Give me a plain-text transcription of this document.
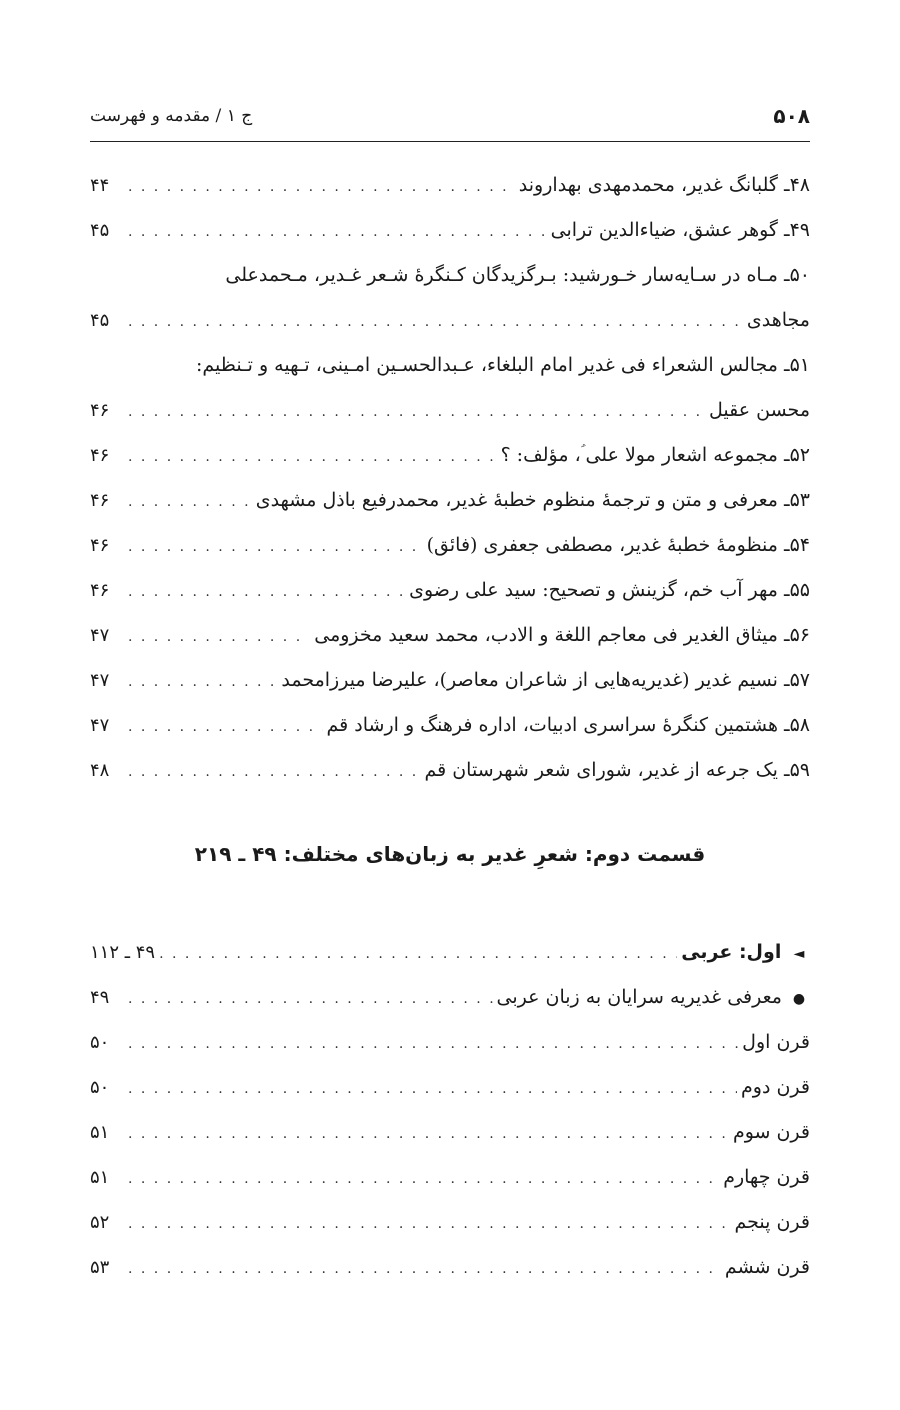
۵۰۸
ج ۱ / مقدمه و فهرست
۴۸ـ گلبانگ غدیر، محمدمهدی بهداروند
. . .
۴۴
۴۹ـ گوهر عشق، ضیاءالدین ترابی
. . .
۴۵
۵۰ـ مـاه در سـایه‌سار خـورشید: بـرگزیدگان کـنگرهٔ شـعر غـدیر، مـحمدعلی
مجاهدی
. . .
۴۵
۵۱ـ مجالس الشعراء فی غدیر امام البلغاء، عـبدالحسـین امـینی، تـهیه و تـنظیم:
محسن عقیل
. . .
۴۶
۵۲ـ مجموعه اشعار مولا علی ؑ، مؤلف: ؟
. . .
۴۶
۵۳ـ معرفی و متن و ترجمهٔ منظوم خطبهٔ غدیر، محمدرفیع باذل مشهدی
. . .
۴۶
۵۴ـ منظومهٔ خطبهٔ غدیر، مصطفی جعفری (فائق)
. . .
۴۶
۵۵ـ مهر آب خم، گزینش و تصحیح: سید علی رضوی
. . .
۴۶
۵۶ـ میثاق الغدیر فی معاجم اللغة و الادب، محمد سعید مخزومی
. . .
۴۷
۵۷ـ نسیم غدیر (غدیریه‌هایی از شاعران معاصر)، علیرضا میرزامحمد
. . .
۴۷
۵۸ـ هشتمین کنگرهٔ سراسری ادبیات، اداره فرهنگ و ارشاد قم
. . .
۴۷
۵۹ـ یک جرعه از غدیر، شورای شعر شهرستان قم
. . .
۴۸
قسمت دوم: شعرِ غدیر به زبان‌های مختلف: ۴۹ ـ ۲۱۹
◄ اول: عربی
. . .
۴۹ ـ ۱۱۲
● معرفی غدیریه سرایان به زبان عربی
. . .
۴۹
قرن اول
. . .
۵۰
قرن دوم
. . .
۵۰
قرن سوم
. . .
۵۱
قرن چهارم
. . .
۵۱
قرن پنجم
. . .
۵۲
قرن ششم
. . .
۵۳
